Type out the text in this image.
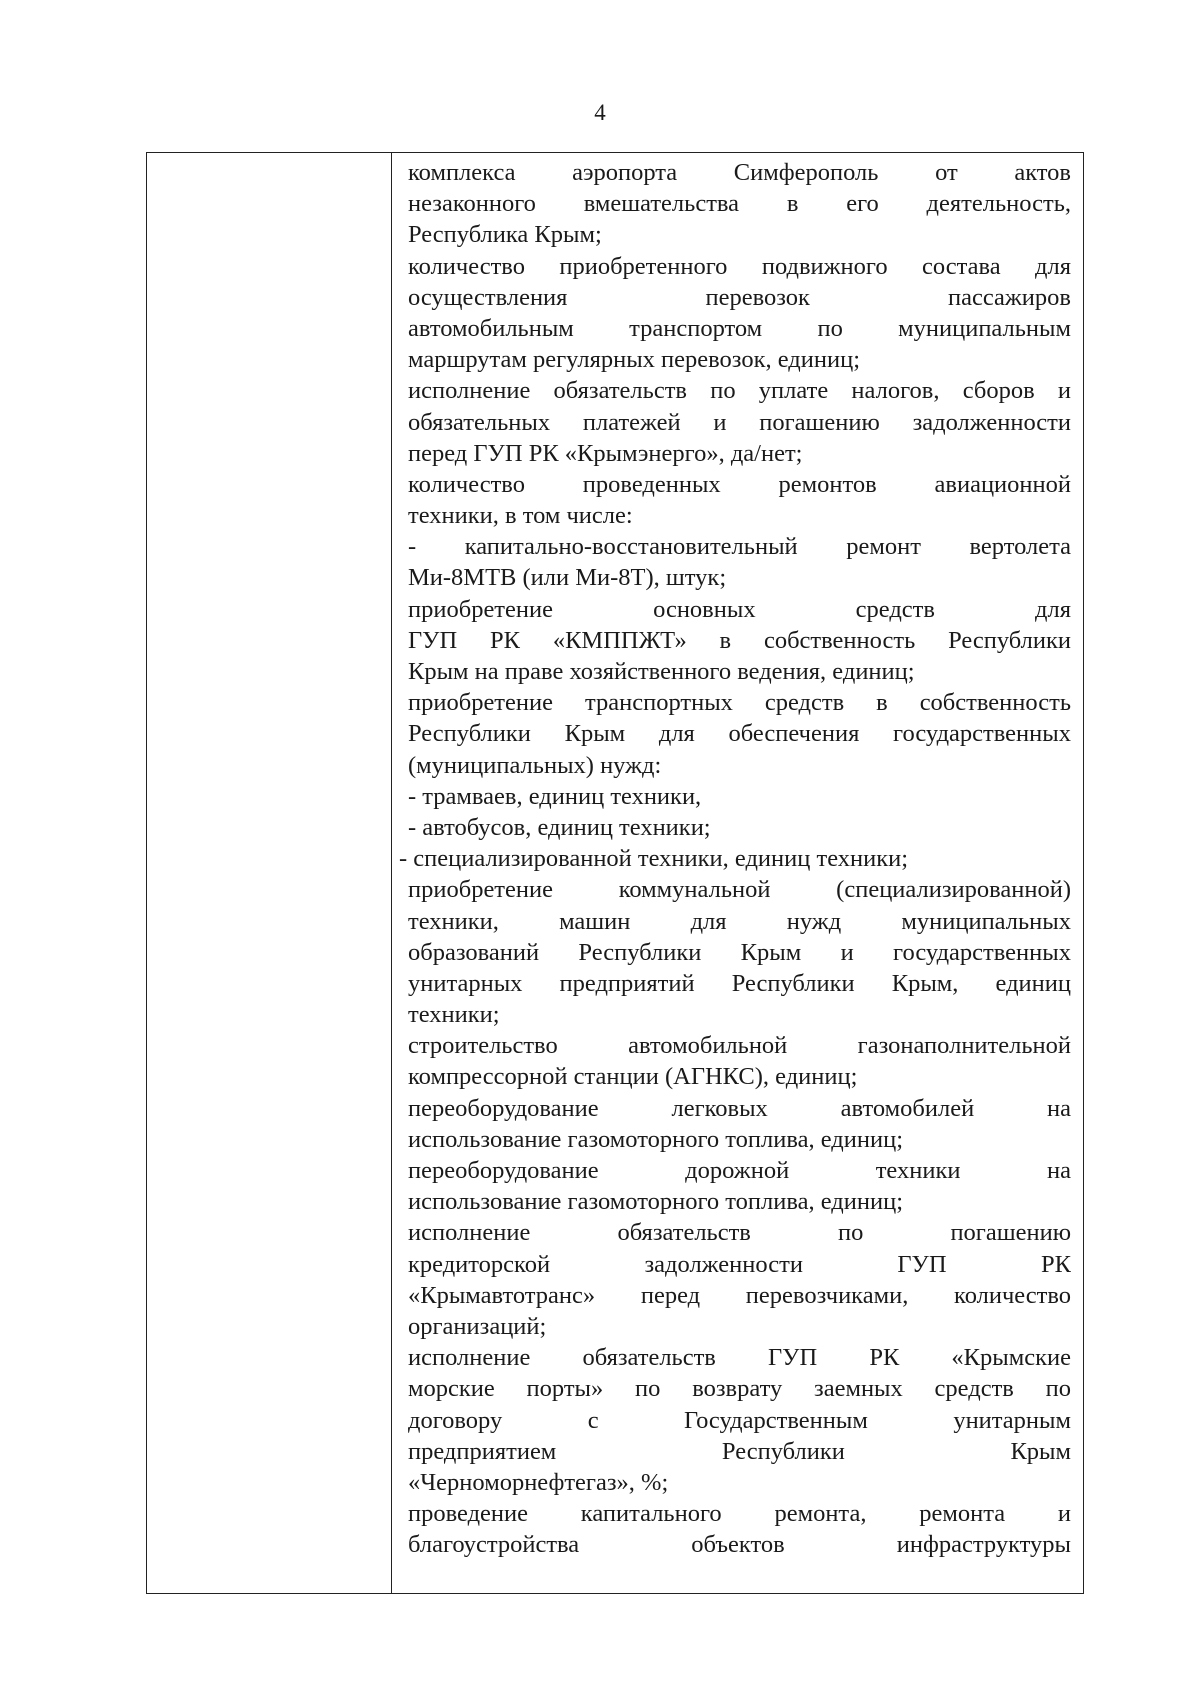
4
комплекса аэропорта Симферополь от актов
незаконного вмешательства в его деятельность,
Республика Крым;
количество приобретенного подвижного состава для
осуществления перевозок пассажиров
автомобильным транспортом по муниципальным
маршрутам регулярных перевозок, единиц;
исполнение обязательств по уплате налогов, сборов и
обязательных платежей и погашению задолженности
перед ГУП РК «Крымэнерго», да/нет;
количество проведенных ремонтов авиационной
техники, в том числе:
- капитально-восстановительный ремонт вертолета
Ми-8МТВ (или Ми-8Т), штук;
приобретение основных средств для
ГУП РК «КМППЖТ» в собственность Республики
Крым на праве хозяйственного ведения, единиц;
приобретение транспортных средств в собственность
Республики Крым для обеспечения государственных
(муниципальных) нужд:
- трамваев, единиц техники,
- автобусов, единиц техники;
- специализированной техники, единиц техники;
приобретение коммунальной (специализированной)
техники, машин для нужд муниципальных
образований Республики Крым и государственных
унитарных предприятий Республики Крым, единиц
техники;
строительство автомобильной газонаполнительной
компрессорной станции (АГНКС), единиц;
переоборудование легковых автомобилей на
использование газомоторного топлива, единиц;
переоборудование дорожной техники на
использование газомоторного топлива, единиц;
исполнение обязательств по погашению
кредиторской задолженности ГУП РК
«Крымавтотранс» перед перевозчиками, количество
организаций;
исполнение обязательств ГУП РК «Крымские
морские порты» по возврату заемных средств по
договору с Государственным унитарным
предприятием Республики Крым
«Черноморнефтегаз», %;
проведение капитального ремонта, ремонта и
благоустройства объектов инфраструктуры
